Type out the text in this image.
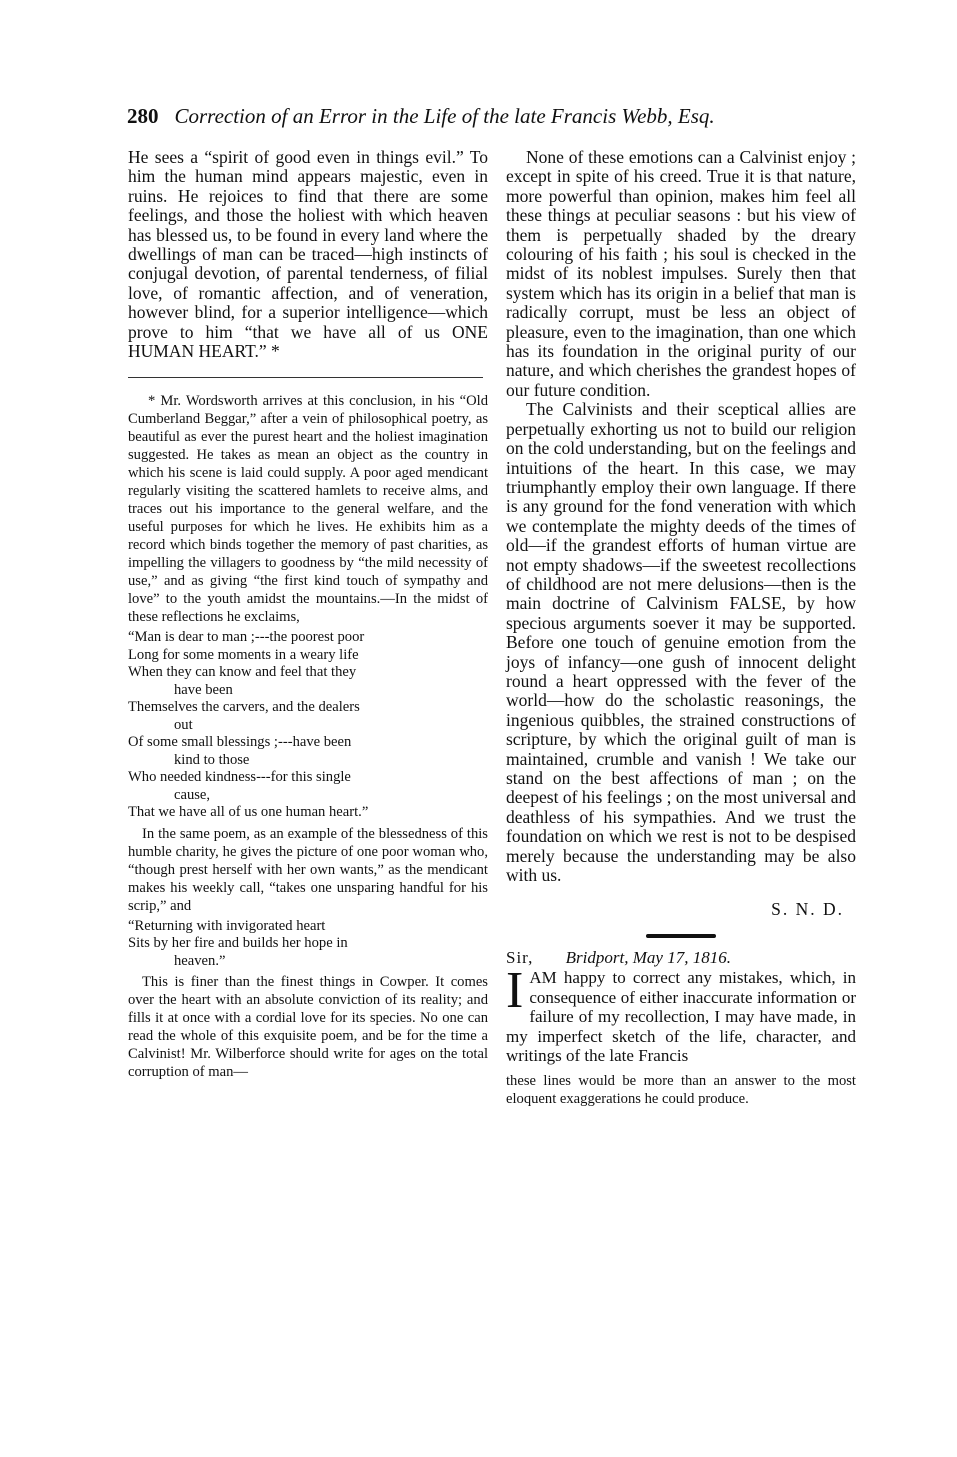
280 Correction of an Error in the Life of the late Francis Webb, Esq.

He sees a “spirit of good even in things evil.” To him the human mind appears majestic, even in ruins. He rejoices to find that there are some feelings, and those the holiest with which heaven has blessed us, to be found in every land where the dwellings of man can be traced—high instincts of conjugal devotion, of parental tenderness, of filial love, of romantic affection, and of veneration, however blind, for a superior intelligence—which prove to him “that we have all of us ONE HUMAN HEART.” *

* Mr. Wordsworth arrives at this conclusion, in his “Old Cumberland Beggar,” after a vein of philosophical poetry, as beautiful as ever the purest heart and the holiest imagination suggested. He takes as mean an object as the country in which his scene is laid could supply. A poor aged mendicant regularly visiting the scattered hamlets to receive alms, and traces out his importance to the general welfare, and the useful purposes for which he lives. He exhibits him as a record which binds together the memory of past charities, as impelling the villagers to goodness by “the mild necessity of use,” and as giving “the first kind touch of sympathy and love” to the youth amidst the mountains.—In the midst of these reflections he exclaims,

“Man is dear to man ;---the poorest poor
Long for some moments in a weary life
When they can know and feel that they
have been
Themselves the carvers, and the dealers
out
Of some small blessings ;---have been
kind to those
Who needed kindness---for this single
cause,
That we have all of us one human heart.”

In the same poem, as an example of the blessedness of this humble charity, he gives the picture of one poor woman who, “though prest herself with her own wants,” as the mendicant makes his weekly call, “takes one unsparing handful for his scrip,” and

“Returning with invigorated heart
Sits by her fire and builds her hope in
heaven.”

This is finer than the finest things in Cowper. It comes over the heart with an absolute conviction of its reality; and fills it at once with a cordial love for its species. No one can read the whole of this exquisite poem, and be for the time a Calvinist! Mr. Wilberforce should write for ages on the total corruption of man—

None of these emotions can a Calvinist enjoy ; except in spite of his creed. True it is that nature, more powerful than opinion, makes him feel all these things at peculiar seasons : but his view of them is perpetually shaded by the dreary colouring of his faith ; his soul is checked in the midst of its noblest impulses. Surely then that system which has its origin in a belief that man is radically corrupt, must be less an object of pleasure, even to the imagination, than one which has its foundation in the original purity of our nature, and which cherishes the grandest hopes of our future condition.

The Calvinists and their sceptical allies are perpetually exhorting us not to build our religion on the cold understanding, but on the feelings and intuitions of the heart. In this case, we may triumphantly employ their own language. If there is any ground for the fond veneration with which we contemplate the mighty deeds of the times of old—if the grandest efforts of human virtue are not empty shadows—if the sweetest recollections of childhood are not mere delusions—then is the main doctrine of Calvinism FALSE, by how specious arguments soever it may be supported. Before one touch of genuine emotion from the joys of infancy—one gush of innocent delight round a heart oppressed with the fever of the world—how do the scholastic reasonings, the ingenious quibbles, the strained constructions of scripture, by which the original guilt of man is maintained, crumble and vanish ! We take our stand on the best affections of man ; on the deepest of his feelings ; on the most universal and deathless of his sympathies. And we trust the foundation on which we rest is not to be despised merely because the understanding may be also with us.

S. N. D.
Sir, Bridport, May 17, 1816.

IAM happy to correct any mistakes, which, in consequence of either inaccurate information or failure of my recollection, I may have made, in my imperfect sketch of the life, character, and writings of the late Francis

these lines would be more than an answer to the most eloquent exaggerations he could produce.
